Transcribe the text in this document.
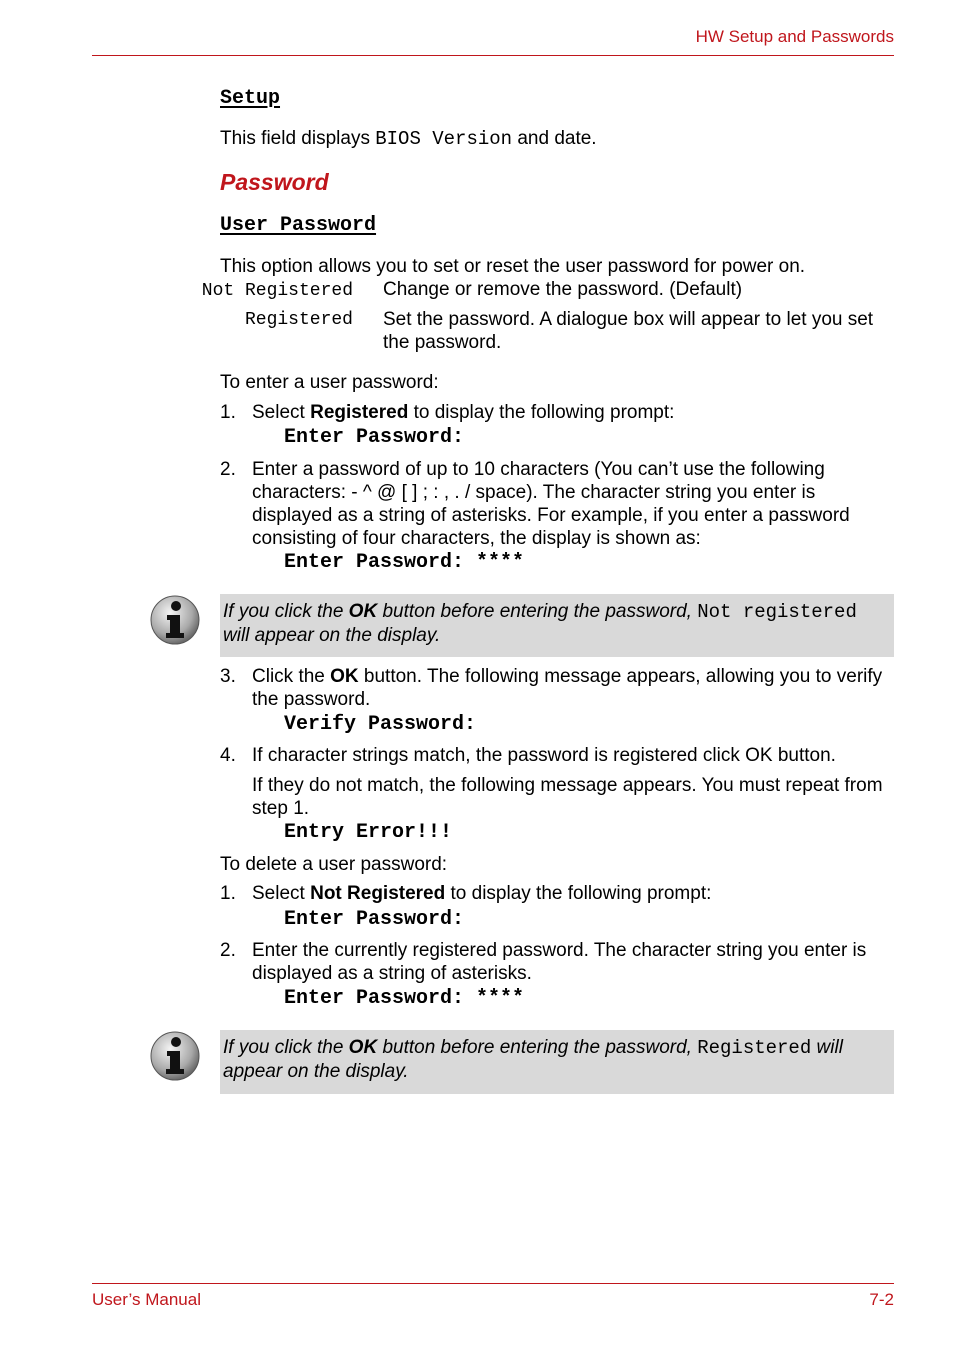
HW Setup and Passwords
Setup
This field displays BIOS Version and date.
Password
User Password
This option allows you to set or reset the user password for power on.
Not Registered Change or remove the password. (Default)
Registered Set the password. A dialogue box will appear to let you set the password.
To enter a user password:
1. Select Registered to display the following prompt:
Enter Password:
2. Enter a password of up to 10 characters (You can’t use the following characters: - ^ @ [ ] ; : , . / space). The character string you enter is displayed as a string of asterisks. For example, if you enter a password consisting of four characters, the display is shown as:
Enter Password: ****
If you click the OK button before entering the password, Not registered will appear on the display.
3. Click the OK button. The following message appears, allowing you to verify the password.
Verify Password:
4. If character strings match, the password is registered click OK button.
If they do not match, the following message appears. You must repeat from step 1.
Entry Error!!!
To delete a user password:
1. Select Not Registered to display the following prompt:
Enter Password:
2. Enter the currently registered password. The character string you enter is displayed as a string of asterisks.
Enter Password: ****
If you click the OK button before entering the password, Registered will appear on the display.
User’s Manual	7-2
